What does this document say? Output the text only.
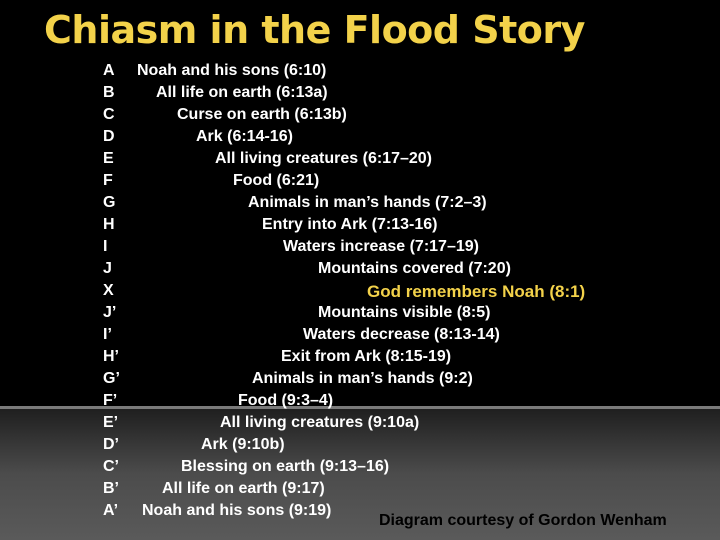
Chiasm in the Flood Story
A Noah and his sons (6:10)
B	All life on earth (6:13a)
C	Curse on earth (6:13b)
D	Ark (6:14-16)
E	All living creatures (6:17–20)
F	Food (6:21)
G	Animals in man’s hands (7:2–3)
H	Entry into Ark (7:13-16)
I	Waters increase (7:17–19)
J	Mountains covered (7:20)
X	God remembers Noah (8:1)
J’	Mountains visible (8:5)
I’	Waters decrease (8:13-14)
H’	Exit from Ark (8:15-19)
G’	Animals in man’s hands (9:2)
F’	Food (9:3–4)
E’	All living creatures (9:10a)
D’	Ark (9:10b)
C’	Blessing on earth (9:13–16)
B’	All life on earth (9:17)
A’ Noah and his sons (9:19)
Diagram courtesy of Gordon Wenham
